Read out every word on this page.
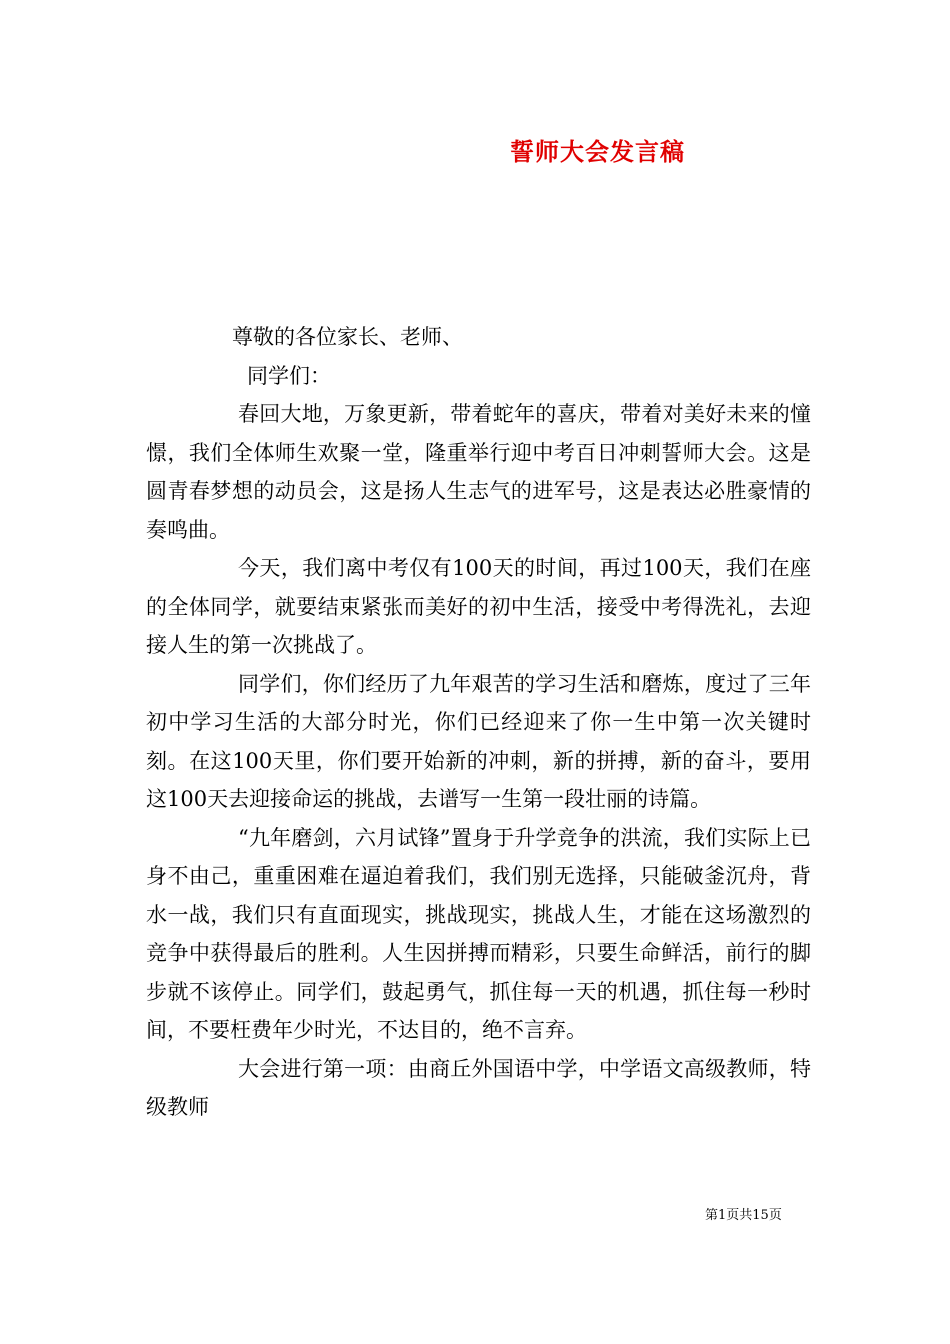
誓师大会发言稿

尊敬的各位家长、老师、

同学们：

春回大地，万象更新，带着蛇年的喜庆，带着对美好未来的憧憬，我们全体师生欢聚一堂，隆重举行迎中考百日冲刺誓师大会。这是圆青春梦想的动员会，这是扬人生志气的进军号，这是表达必胜豪情的奏鸣曲。

今天，我们离中考仅有100天的时间，再过100天，我们在座的全体同学，就要结束紧张而美好的初中生活，接受中考得洗礼，去迎接人生的第一次挑战了。

同学们，你们经历了九年艰苦的学习生活和磨炼，度过了三年初中学习生活的大部分时光，你们已经迎来了你一生中第一次关键时刻。在这100天里，你们要开始新的冲刺，新的拼搏，新的奋斗，要用这100天去迎接命运的挑战，去谱写一生第一段壮丽的诗篇。

“九年磨剑，六月试锋”置身于升学竞争的洪流，我们实际上已身不由己，重重困难在逼迫着我们，我们别无选择，只能破釜沉舟，背水一战，我们只有直面现实，挑战现实，挑战人生，才能在这场激烈的竞争中获得最后的胜利。人生因拼搏而精彩，只要生命鲜活，前行的脚步就不该停止。同学们，鼓起勇气，抓住每一天的机遇，抓住每一秒时间，不要枉费年少时光，不达目的，绝不言弃。

大会进行第一项：由商丘外国语中学，中学语文高级教师，特级教师

第1页共15页
